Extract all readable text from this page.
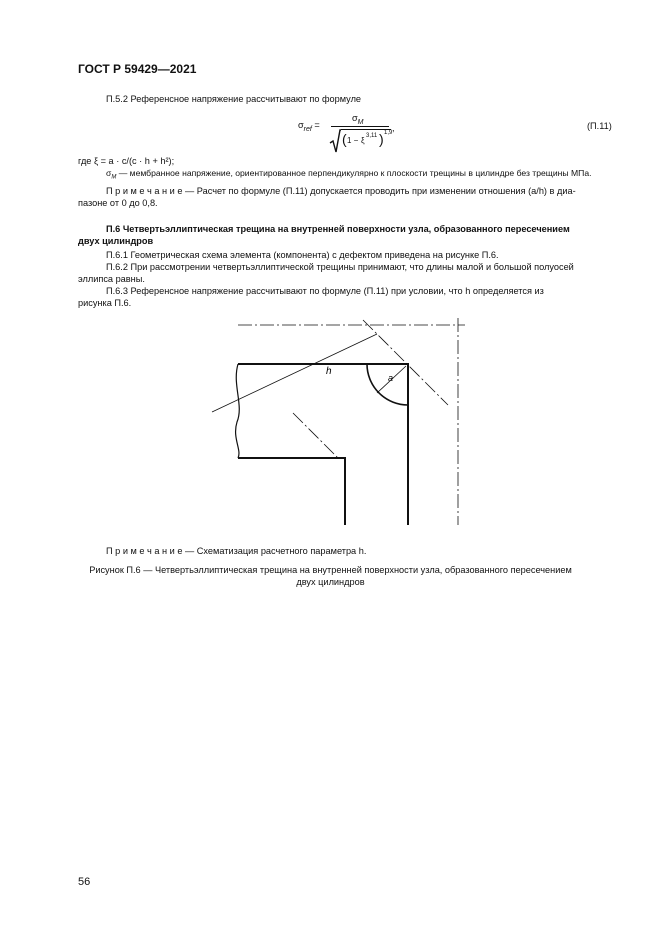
ГОСТ Р 59429—2021
П.5.2 Референсное напряжение рассчитывают по формуле
$\sigma_{ref}$ =
$\sigma_M$
( 1 − ξ 3,11 ) 1,9 ,	(П.11)
где ξ = a · c/(c · h + h²);
$\sigma_M$ — мембранное напряжение, ориентированное перпендикулярно к плоскости трещины в цилиндре без трещины МПа.
П р и м е ч а н и е — Расчет по формуле (П.11) допускается проводить при изменении отношения (a/h) в диа-
пазоне от 0 до 0,8.
П.6 Четвертьэллиптическая трещина на внутренней поверхности узла, образованного пересечением
двух цилиндров
П.6.1 Геометрическая схема элемента (компонента) с дефектом приведена на рисунке П.6.
П.6.2 При рассмотрении четвертьэллиптической трещины принимают, что длины малой и большой полуосей
эллипса равны.
П.6.3 Референсное напряжение рассчитывают по формуле (П.11) при условии, что h определяется из
рисунка П.6.
h
a
П р и м е ч а н и е — Схематизация расчетного параметра h.
Рисунок П.6 — Четвертьэллиптическая трещина на внутренней поверхности узла, образованного пересечением
двух цилиндров
56
